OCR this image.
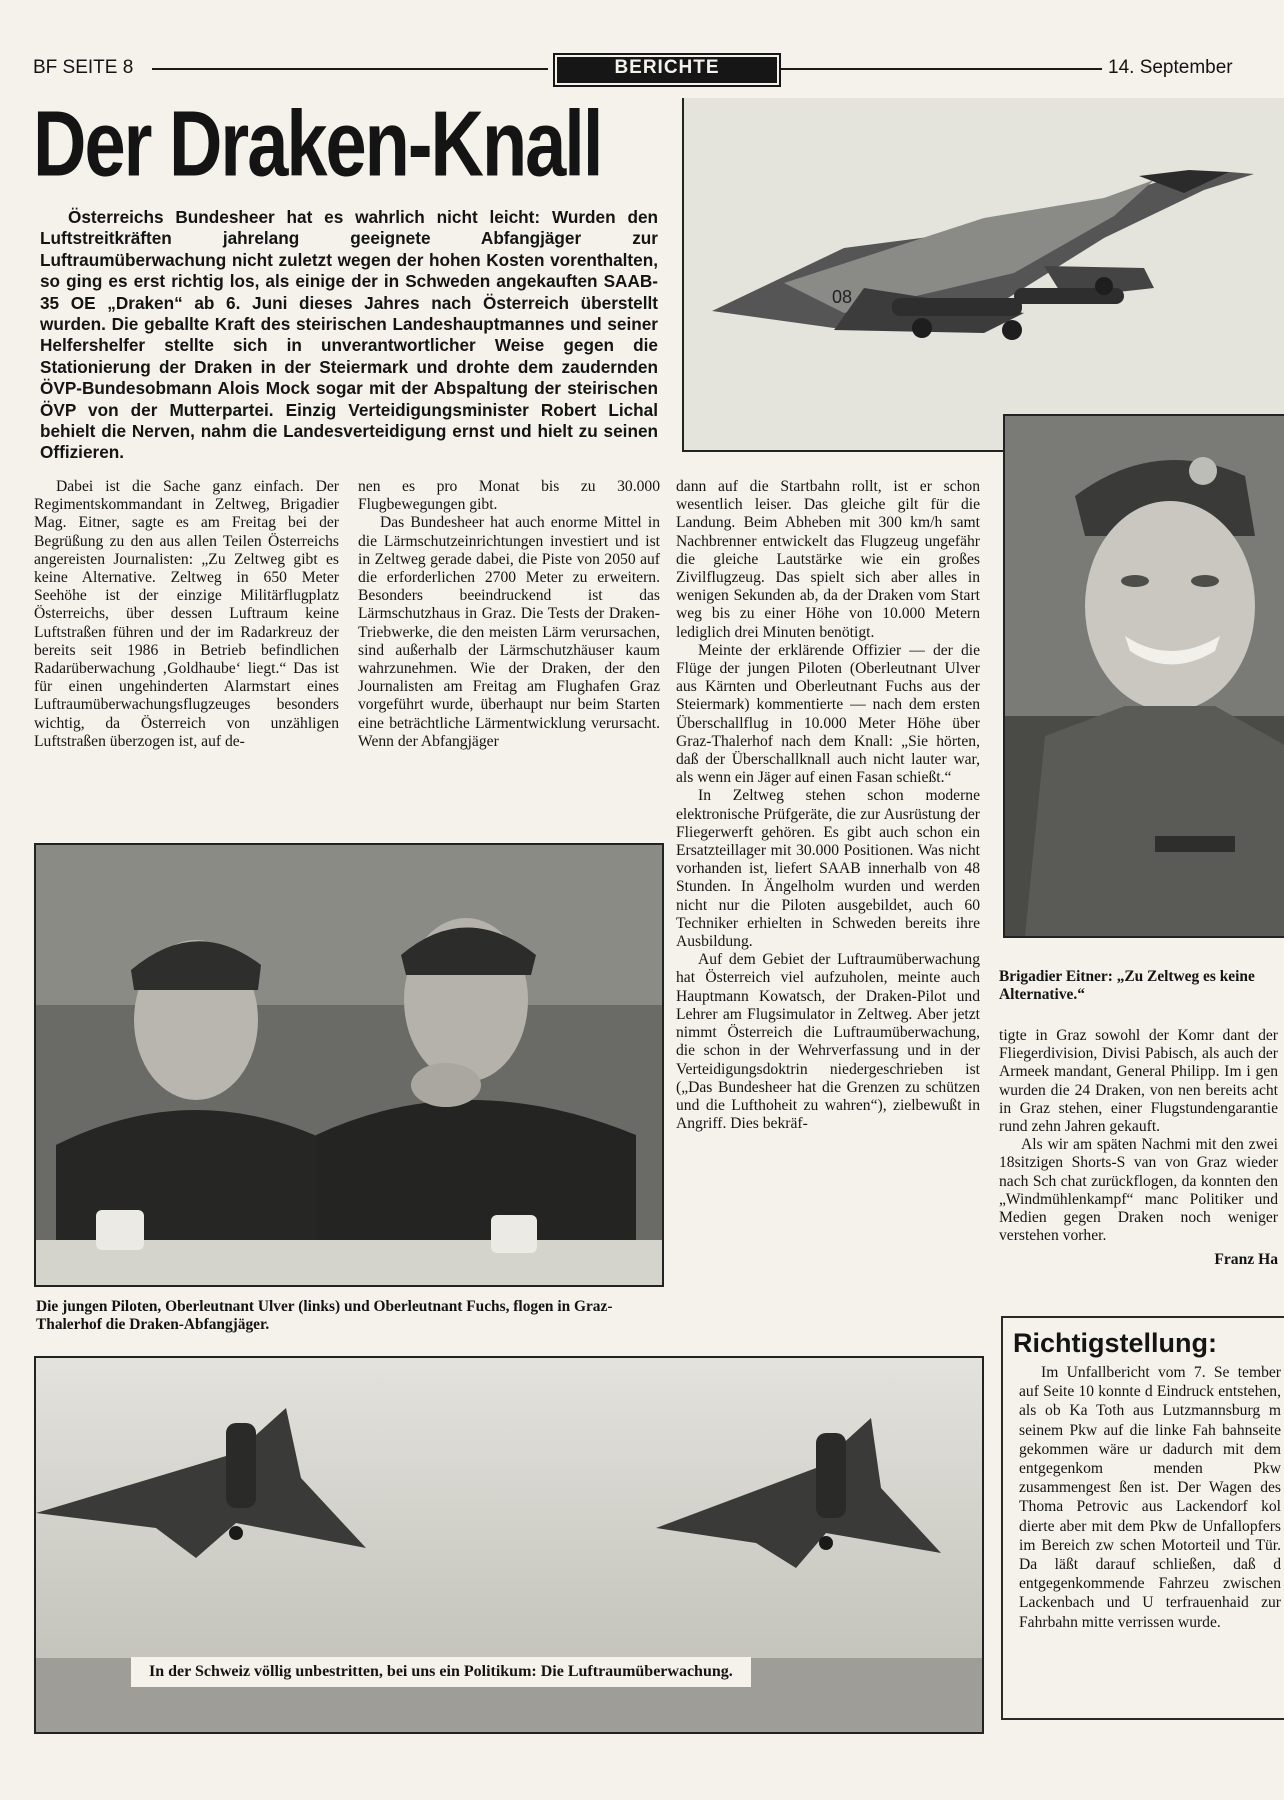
BF SEITE 8	BERICHTE	14. September
Der Draken-Knall

Österreichs Bundesheer hat es wahrlich nicht leicht: Wurden den Luftstreitkräften jahrelang geeignete Abfangjäger zur Luftraumüberwachung nicht zuletzt wegen der hohen Kosten vorenthalten, so ging es erst richtig los, als einige der in Schweden angekauften SAAB-35 OE „Draken“ ab 6. Juni dieses Jahres nach Österreich überstellt wurden. Die geballte Kraft des steirischen Landeshauptmannes und seiner Helfershelfer stellte sich in unverantwortlicher Weise gegen die Stationierung der Draken in der Steiermark und drohte dem zaudernden ÖVP-Bundesobmann Alois Mock sogar mit der Abspaltung der steirischen ÖVP von der Mutterpartei. Einzig Verteidigungsminister Robert Lichal behielt die Nerven, nahm die Landesverteidigung ernst und hielt zu seinen Offizieren.

08
Brigadier Eitner: „Zu Zeltweg es keine Alternative.“

Dabei ist die Sache ganz einfach. Der Regimentskommandant in Zeltweg, Brigadier Mag. Eitner, sagte es am Freitag bei der Begrüßung zu den aus allen Teilen Österreichs angereisten Journalisten: „Zu Zeltweg gibt es keine Alternative. Zeltweg in 650 Meter Seehöhe ist der einzige Militärflugplatz Österreichs, über dessen Luftraum keine Luftstraßen führen und der im Radarkreuz der bereits seit 1986 in Betrieb befindlichen Radarüberwachung ‚Goldhaube‘ liegt.“ Das ist für einen ungehinderten Alarmstart eines Luftraumüberwachungsflugzeuges besonders wichtig, da Österreich von unzähligen Luftstraßen überzogen ist, auf de-

nen es pro Monat bis zu 30.000 Flugbewegungen gibt.

Das Bundesheer hat auch enorme Mittel in die Lärmschutzeinrichtungen investiert und ist in Zeltweg gerade dabei, die Piste von 2050 auf die erforderlichen 2700 Meter zu erweitern. Besonders beeindruckend ist das Lärmschutzhaus in Graz. Die Tests der Draken-Triebwerke, die den meisten Lärm verursachen, sind außerhalb der Lärmschutzhäuser kaum wahrzunehmen. Wie der Draken, der den Journalisten am Freitag am Flughafen Graz vorgeführt wurde, überhaupt nur beim Starten eine beträchtliche Lärmentwicklung verursacht. Wenn der Abfangjäger

dann auf die Startbahn rollt, ist er schon wesentlich leiser. Das gleiche gilt für die Landung. Beim Abheben mit 300 km/h samt Nachbrenner entwickelt das Flugzeug ungefähr die gleiche Lautstärke wie ein großes Zivilflugzeug. Das spielt sich aber alles in wenigen Sekunden ab, da der Draken vom Start weg bis zu einer Höhe von 10.000 Metern lediglich drei Minuten benötigt.

Meinte der erklärende Offizier — der die Flüge der jungen Piloten (Oberleutnant Ulver aus Kärnten und Oberleutnant Fuchs aus der Steiermark) kommentierte — nach dem ersten Überschallflug in 10.000 Meter Höhe über Graz-Thalerhof nach dem Knall: „Sie hörten, daß der Überschallknall auch nicht lauter war, als wenn ein Jäger auf einen Fasan schießt.“

In Zeltweg stehen schon moderne elektronische Prüfgeräte, die zur Ausrüstung der Fliegerwerft gehören. Es gibt auch schon ein Ersatzteillager mit 30.000 Positionen. Was nicht vorhanden ist, liefert SAAB innerhalb von 48 Stunden. In Ängelholm wurden und werden nicht nur die Piloten ausgebildet, auch 60 Techniker erhielten in Schweden bereits ihre Ausbildung.

Auf dem Gebiet der Luftraumüberwachung hat Österreich viel aufzuholen, meinte auch Hauptmann Kowatsch, der Draken-Pilot und Lehrer am Flugsimulator in Zeltweg. Aber jetzt nimmt Österreich die Luftraumüberwachung, die schon in der Wehrverfassung und in der Verteidigungsdoktrin niedergeschrieben ist („Das Bundesheer hat die Grenzen zu schützen und die Lufthoheit zu wahren“), zielbewußt in Angriff. Dies bekräf-

tigte in Graz sowohl der Komr dant der Fliegerdivision, Divisi Pabisch, als auch der Armeek mandant, General Philipp. Im i gen wurden die 24 Draken, von nen bereits acht in Graz stehen, einer Flugstundengarantie rund zehn Jahren gekauft.

Als wir am späten Nachmi mit den zwei 18sitzigen Shorts-S van von Graz wieder nach Sch chat zurückflogen, da konnten den „Windmühlenkampf“ manc Politiker und Medien gegen Draken noch weniger verstehen vorher.

Franz Ha
Die jungen Piloten, Oberleutnant Ulver (links) und Oberleutnant Fuchs, flogen in Graz-Thalerhof die Draken-Abfangjäger.
In der Schweiz völlig unbestritten, bei uns ein Politikum: Die Luftraumüberwachung.
Richtigstellung:
Im Unfallbericht vom 7. Se tember auf Seite 10 konnte d Eindruck entstehen, als ob Ka Toth aus Lutzmannsburg m seinem Pkw auf die linke Fah bahnseite gekommen wäre ur dadurch mit dem entgegenkom menden Pkw zusammengest ßen ist. Der Wagen des Thoma Petrovic aus Lackendorf kol dierte aber mit dem Pkw de Unfallopfers im Bereich zw schen Motorteil und Tür. Da läßt darauf schließen, daß d entgegenkommende Fahrzeu zwischen Lackenbach und U terfrauenhaid zur Fahrbahn mitte verrissen wurde.
